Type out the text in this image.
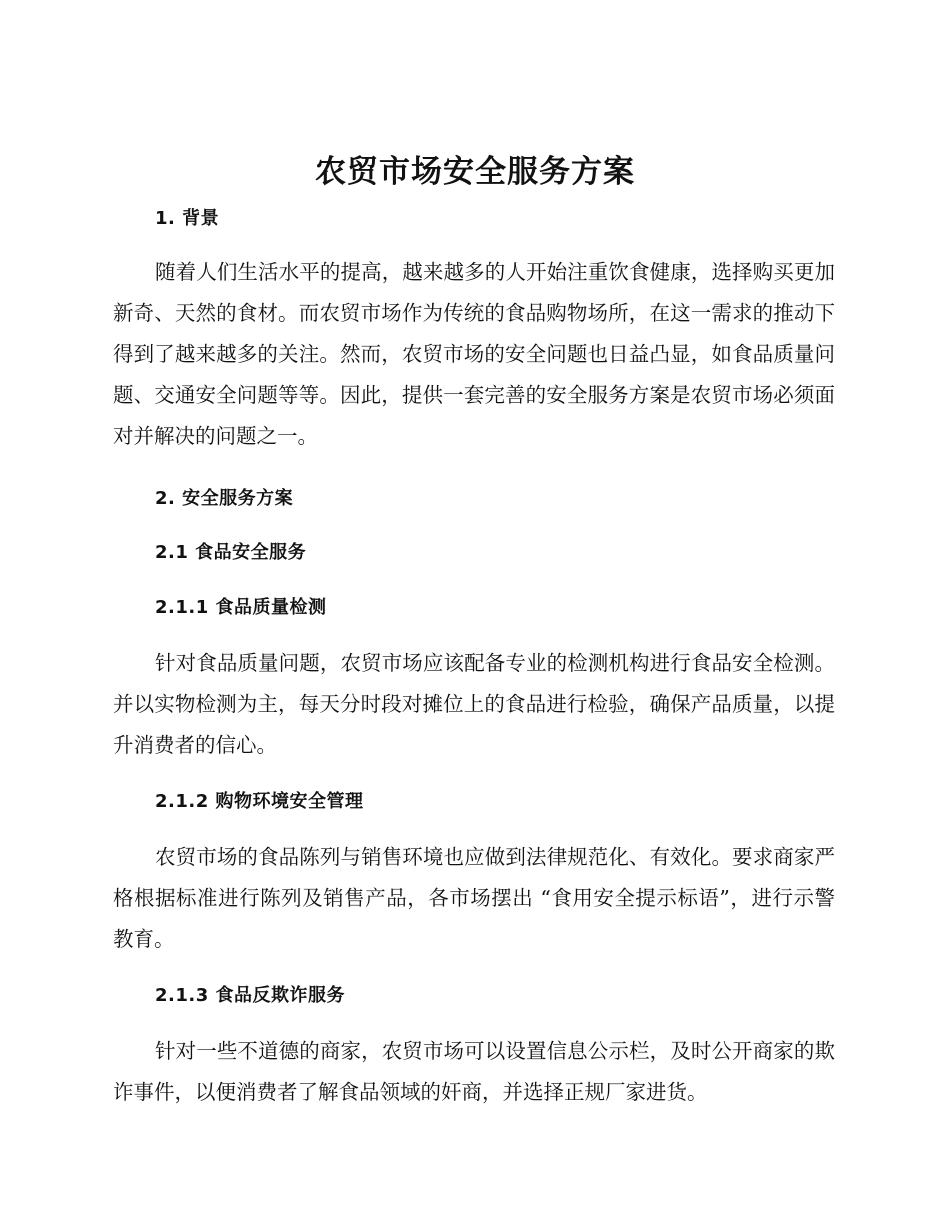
农贸市场安全服务方案
1. 背景

随着人们生活水平的提高，越来越多的人开始注重饮食健康，选择购买更加新奇、天然的食材。而农贸市场作为传统的食品购物场所，在这一需求的推动下得到了越来越多的关注。然而，农贸市场的安全问题也日益凸显，如食品质量问题、交通安全问题等等。因此，提供一套完善的安全服务方案是农贸市场必须面对并解决的问题之一。

2. 安全服务方案
2.1 食品安全服务
2.1.1 食品质量检测

针对食品质量问题，农贸市场应该配备专业的检测机构进行食品安全检测。并以实物检测为主，每天分时段对摊位上的食品进行检验，确保产品质量，以提升消费者的信心。

2.1.2 购物环境安全管理

农贸市场的食品陈列与销售环境也应做到法律规范化、有效化。要求商家严格根据标准进行陈列及销售产品，各市场摆出 “食用安全提示标语”，进行示警教育。

2.1.3 食品反欺诈服务

针对一些不道德的商家，农贸市场可以设置信息公示栏，及时公开商家的欺诈事件，以便消费者了解食品领域的奸商，并选择正规厂家进货。
